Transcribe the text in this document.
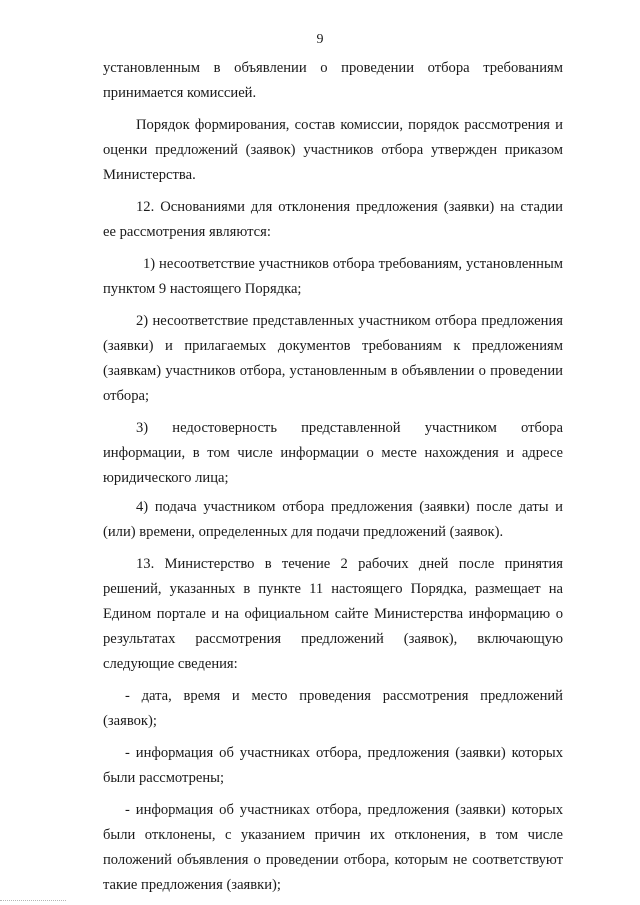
9

установленным в объявлении о проведении отбора требованиям принимается комиссией.

Порядок формирования, состав комиссии, порядок рассмотрения и оценки предложений (заявок) участников отбора утвержден приказом Министерства.

12. Основаниями для отклонения предложения (заявки) на стадии ее рассмотрения являются:

1) несоответствие участников отбора требованиям, установленным пунктом 9 настоящего Порядка;

2) несоответствие представленных участником отбора предложения (заявки) и прилагаемых документов требованиям к предложениям (заявкам) участников отбора, установленным в объявлении о проведении отбора;

3) недостоверность представленной участником отбора информации, в том числе информации о месте нахождения и адресе юридического лица;

4) подача участником отбора предложения (заявки) после даты и (или) времени, определенных для подачи предложений (заявок).

13. Министерство в течение 2 рабочих дней после принятия решений, указанных в пункте 11 настоящего Порядка, размещает на Едином портале и на официальном сайте Министерства информацию о результатах рассмотрения предложений (заявок), включающую следующие сведения:

- дата, время и место проведения рассмотрения предложений (заявок);

- информация об участниках отбора, предложения (заявки) которых были рассмотрены;

- информация об участниках отбора, предложения (заявки) которых были отклонены, с указанием причин их отклонения, в том числе положений объявления о проведении отбора, которым не соответствуют такие предложения (заявки);
